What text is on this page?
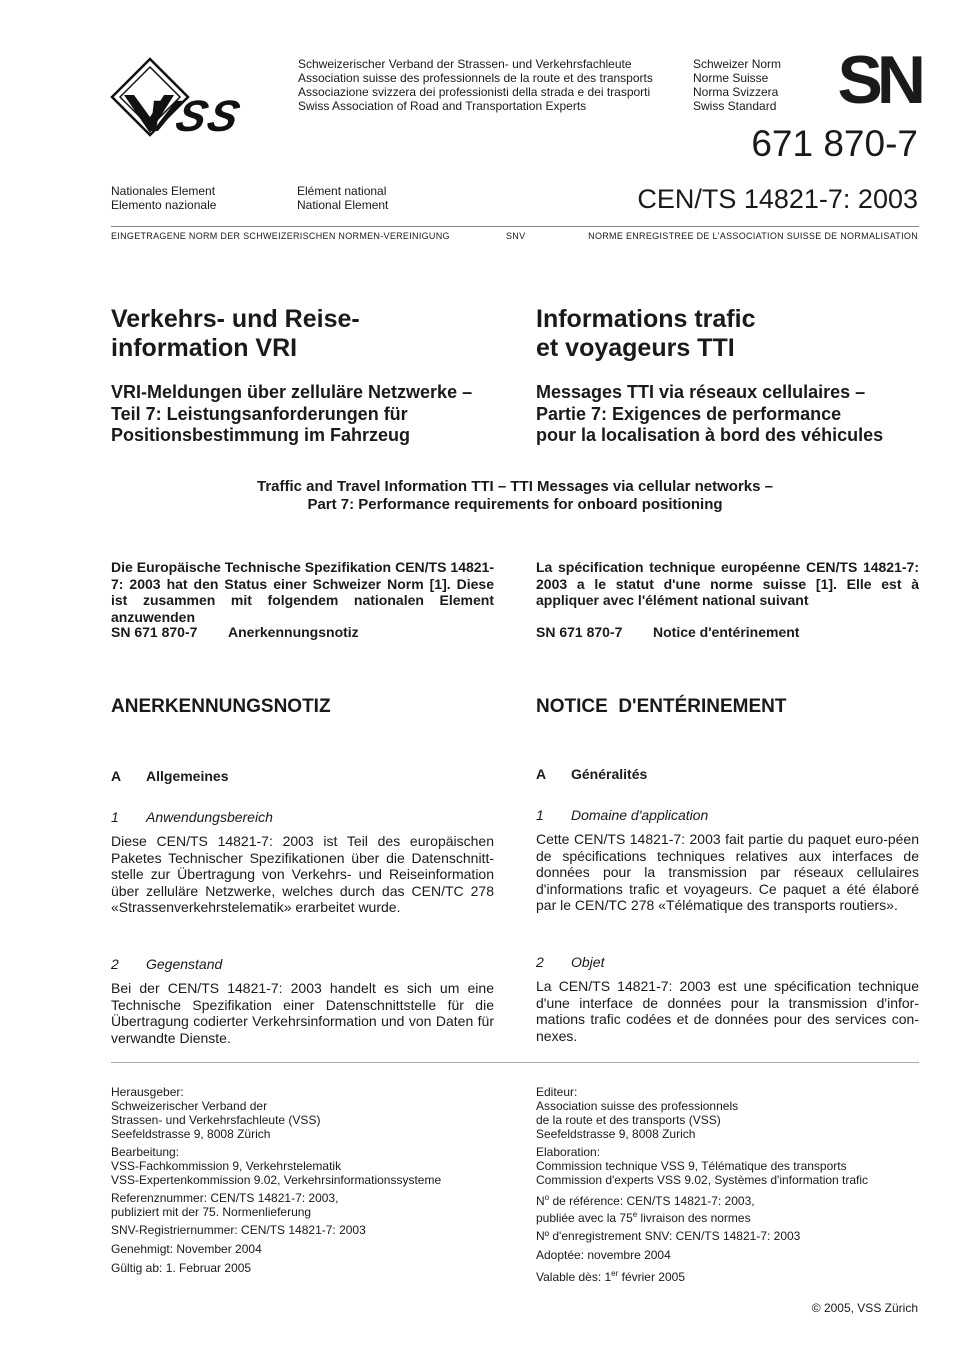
VSS
Schweizerischer Verband der Strassen- und Verkehrsfachleute
Association suisse des professionnels de la route et des transports
Associazione svizzera dei professionisti della strada e dei trasporti
Swiss Association of Road and Transportation Experts
Schweizer Norm
Norme Suisse
Norma Svizzera
Swiss Standard SN
671 870-7
Nationales Element
Elemento nazionale
Elément national
National Element	CEN/TS 14821-7: 2003
EINGETRAGENE NORM DER SCHWEIZERISCHEN NORMEN-VEREINIGUNG	SNV	NORME ENREGISTREE DE L'ASSOCIATION SUISSE DE NORMALISATION
Verkehrs- und Reise-
information VRI
Informations trafic
et voyageurs TTI
VRI-Meldungen über zelluläre Netzwerke –
Teil 7: Leistungsanforderungen für
Positionsbestimmung im Fahrzeug
Messages TTI via réseaux cellulaires –
Partie 7: Exigences de performance
pour la localisation à bord des véhicules
Traffic and Travel Information TTI – TTI Messages via cellular networks –
Part 7: Performance requirements for onboard positioning
Die Europäische Technische Spezifikation CEN/TS 14821-7: 2003 hat den Status einer Schweizer Norm [1]. Diese ist zusammen mit folgendem nationalen Element anzuwenden
SN 671 870-7 Anerkennungsnotiz
La spécification technique européenne CEN/TS 14821-7: 2003 a le statut d'une norme suisse [1]. Elle est à appliquer avec l'élément national suivant
SN 671 870-7 Notice d'entérinement
ANERKENNUNGSNOTIZ	NOTICE  D'ENTÉRINEMENT
A Allgemeines	A Généralités
1 Anwendungsbereich
Diese CEN/TS 14821-7: 2003 ist Teil des europäischen Paketes Technischer Spezifikationen über die Datenschnitt-stelle zur Übertragung von Verkehrs- und Reiseinformation über zelluläre Netzwerke, welches durch das CEN/TC 278 «Strassenverkehrstelematik» erarbeitet wurde.
1 Domaine d'application
Cette CEN/TS 14821-7: 2003 fait partie du paquet euro-péen de spécifications techniques relatives aux interfaces de données pour la transmission par réseaux cellulaires d'informations trafic et voyageurs. Ce paquet a été élaboré par le CEN/TC 278 «Télématique des transports routiers».
2 Gegenstand
Bei der CEN/TS 14821-7: 2003 handelt es sich um eine Technische Spezifikation einer Datenschnittstelle für die Übertragung codierter Verkehrsinformation und von Daten für verwandte Dienste.
2 Objet
La CEN/TS 14821-7: 2003 est une spécification technique d'une interface de données pour la transmission d'infor-mations trafic codées et de données pour des services con-nexes.
Herausgeber:
Schweizerischer Verband der
Strassen- und Verkehrsfachleute (VSS)
Seefeldstrasse 9, 8008 Zürich
Bearbeitung:
VSS-Fachkommission 9, Verkehrstelematik
VSS-Expertenkommission 9.02, Verkehrsinformationssysteme
Referenznummer: CEN/TS 14821-7: 2003,
publiziert mit der 75. Normenlieferung
SNV-Registriernummer: CEN/TS 14821-7: 2003
Genehmigt: November 2004
Gültig ab: 1. Februar 2005
Editeur:
Association suisse des professionnels
de la route et des transports (VSS)
Seefeldstrasse 9, 8008 Zurich
Elaboration:
Commission technique VSS 9, Télématique des transports
Commission d'experts VSS 9.02, Systèmes d'information trafic
$N^o$ de référence: CEN/TS 14821-7: 2003,
publiée avec la 75e livraison des normes
Nº d'enregistrement SNV: CEN/TS 14821-7: 2003
Adoptée: novembre 2004
Valable dès: 1er février 2005
© 2005, VSS Zürich
